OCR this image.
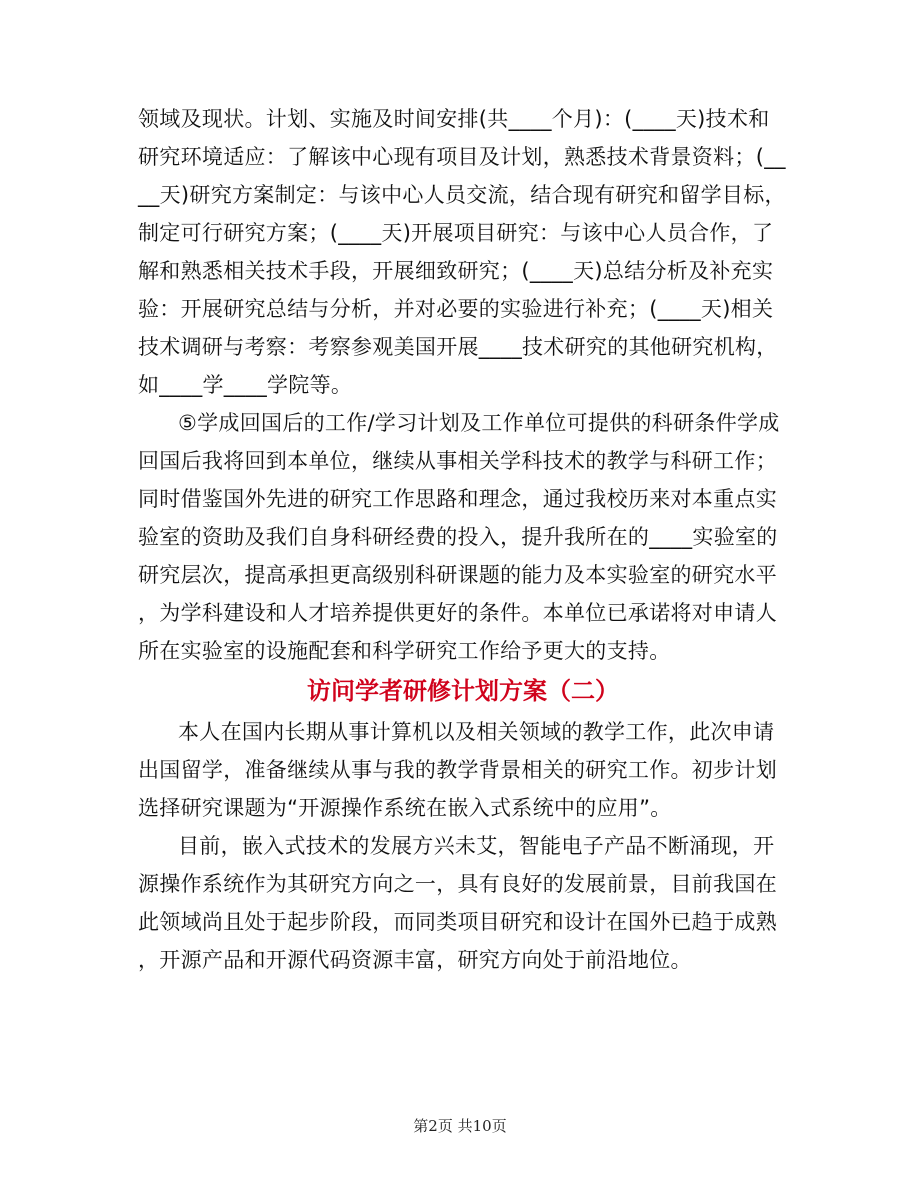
领域及现状。计划、实施及时间安排(共____个月)：(____天)技术和
研究环境适应：了解该中心现有项目及计划，熟悉技术背景资料；(__
__天)研究方案制定：与该中心人员交流，结合现有研究和留学目标，
制定可行研究方案；(____天)开展项目研究：与该中心人员合作，了
解和熟悉相关技术手段，开展细致研究；(____天)总结分析及补充实
验：开展研究总结与分析，并对必要的实验进行补充；(____天)相关
技术调研与考察：考察参观美国开展____技术研究的其他研究机构，
如____学____学院等。
⑤学成回国后的工作/学习计划及工作单位可提供的科研条件学成
回国后我将回到本单位，继续从事相关学科技术的教学与科研工作；
同时借鉴国外先进的研究工作思路和理念，通过我校历来对本重点实
验室的资助及我们自身科研经费的投入，提升我所在的____实验室的
研究层次，提高承担更高级别科研课题的能力及本实验室的研究水平
，为学科建设和人才培养提供更好的条件。本单位已承诺将对申请人
所在实验室的设施配套和科学研究工作给予更大的支持。
访问学者研修计划方案（二）
本人在国内长期从事计算机以及相关领域的教学工作，此次申请
出国留学，准备继续从事与我的教学背景相关的研究工作。初步计划
选择研究课题为“开源操作系统在嵌入式系统中的应用”。
目前，嵌入式技术的发展方兴未艾，智能电子产品不断涌现，开
源操作系统作为其研究方向之一，具有良好的发展前景，目前我国在
此领域尚且处于起步阶段，而同类项目研究和设计在国外已趋于成熟
，开源产品和开源代码资源丰富，研究方向处于前沿地位。
第2页 共10页
